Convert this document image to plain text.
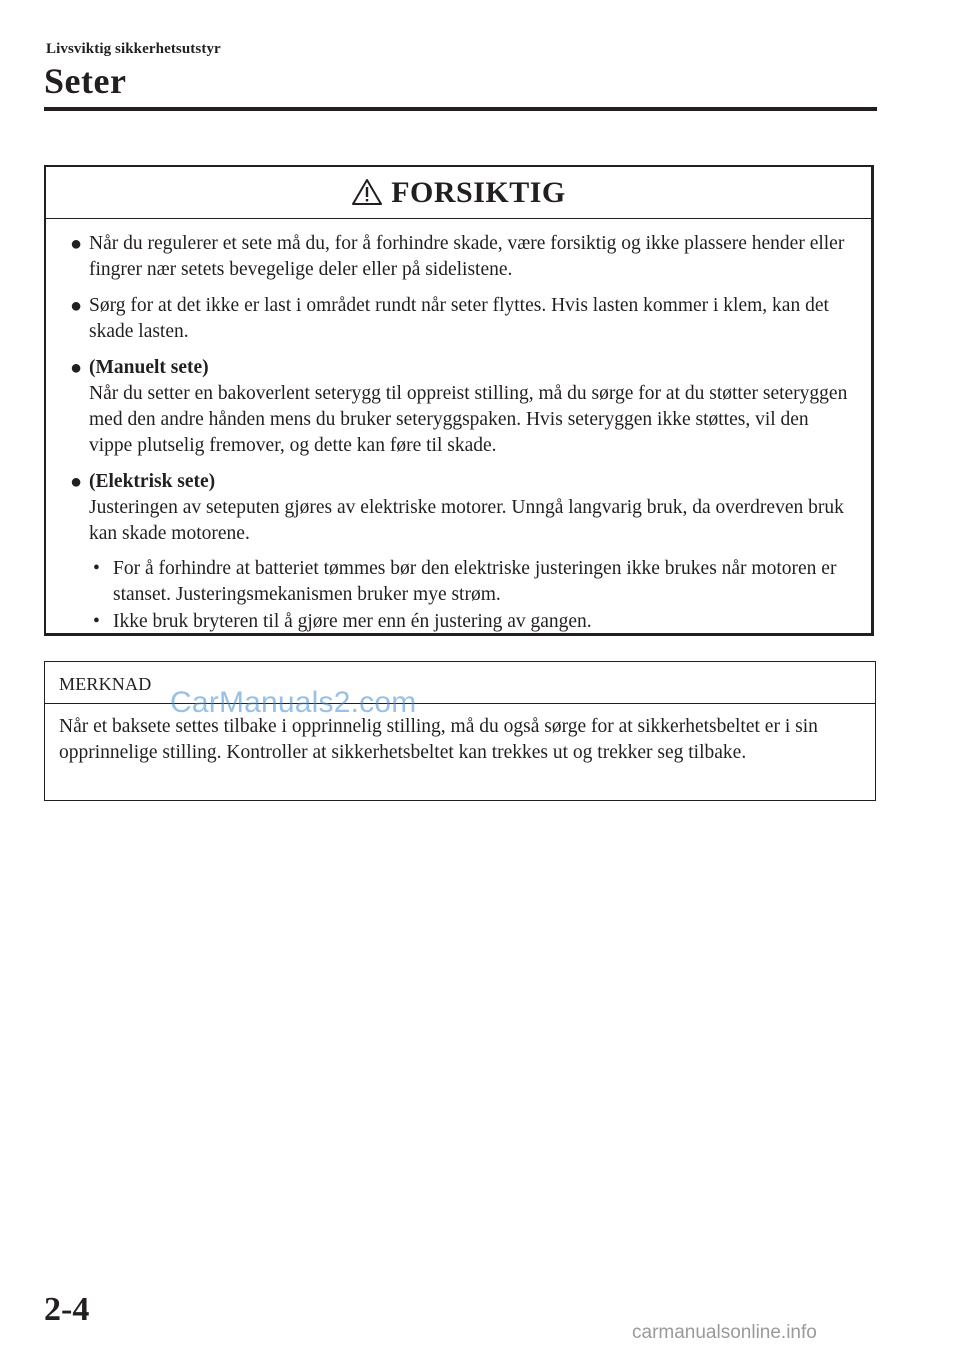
Livsviktig sikkerhetsutstyr
Seter
FORSIKTIG
● Når du regulerer et sete må du, for å forhindre skade, være forsiktig og ikke plassere hender eller fingrer nær setets bevegelige deler eller på sidelistene.
● Sørg for at det ikke er last i området rundt når seter flyttes. Hvis lasten kommer i klem, kan det skade lasten.
● (Manuelt sete)
Når du setter en bakoverlent seterygg til oppreist stilling, må du sørge for at du støtter seteryggen med den andre hånden mens du bruker seteryggspaken. Hvis seteryggen ikke støttes, vil den vippe plutselig fremover, og dette kan føre til skade.
● (Elektrisk sete)
Justeringen av seteputen gjøres av elektriske motorer. Unngå langvarig bruk, da overdreven bruk kan skade motorene.
• For å forhindre at batteriet tømmes bør den elektriske justeringen ikke brukes når motoren er stanset. Justeringsmekanismen bruker mye strøm.
• Ikke bruk bryteren til å gjøre mer enn én justering av gangen.
MERKNAD
Når et baksete settes tilbake i opprinnelig stilling, må du også sørge for at sikkerhetsbeltet er i sin opprinnelige stilling. Kontroller at sikkerhetsbeltet kan trekkes ut og trekker seg tilbake.
CarManuals2.com
2-4
carmanualsonline.info
